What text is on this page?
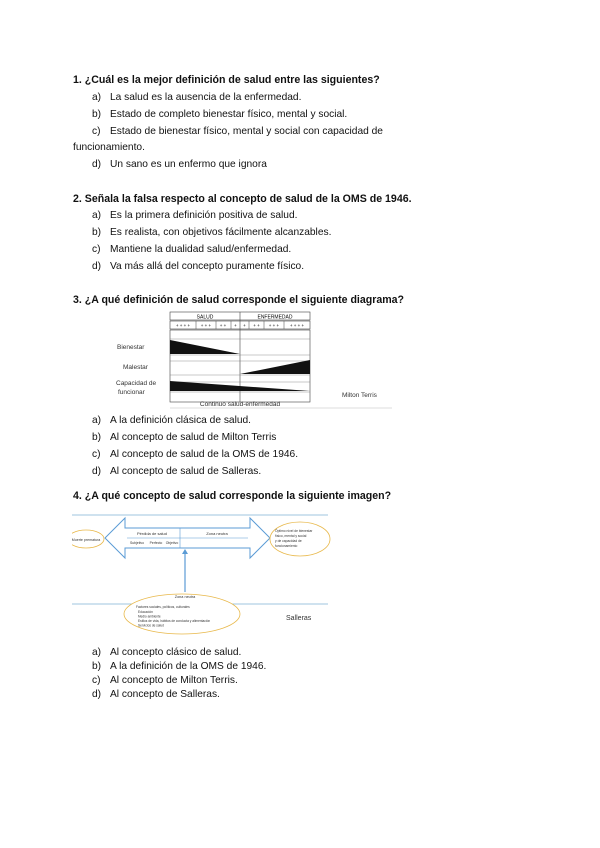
1. ¿Cuál es la mejor definición de salud entre las siguientes?
a) La salud es la ausencia de la enfermedad.
b) Estado de completo bienestar físico, mental y social.
c) Estado de bienestar físico, mental y social con capacidad de
funcionamiento.
d) Un sano es un enfermo que ignora
2. Señala la falsa respecto al concepto de salud de la OMS de 1946.
a) Es la primera definición positiva de salud.
b) Es realista, con objetivos fácilmente alcanzables.
c) Mantiene la dualidad salud/enfermedad.
d) Va más allá del concepto puramente físico.
3. ¿A qué definición de salud corresponde el siguiente diagrama?
SALUD	ENFERMEDAD
+ + + + + + + + + + + + + + + + + + + +
Bienestar
Malestar
Capacidad de
funcionar
Continuo salud-enfermedad
Milton Terris
a) A la definición clásica de salud.
b) Al concepto de salud de Milton Terris
c) Al concepto de salud de la OMS de 1946.
d) Al concepto de salud de Salleras.
4. ¿A qué concepto de salud corresponde la siguiente imagen?
Muerte prematura
Pérdida de salud	Zona neutra
Subjetivo Perfecto Objetivo
Óptimo nivel de bienestar
físico, mental y social
y de capacidad de
funcionamiento
Zona neutra
Factores sociales, políticos, culturales
Educación
Medio ambiente
Estilos de vida, hábitos de conducta y alimentación
Servicios de salud
Salleras
a) Al concepto clásico de salud.
b) A la definición de la OMS de 1946.
c) Al concepto de Milton Terris.
d) Al concepto de Salleras.
